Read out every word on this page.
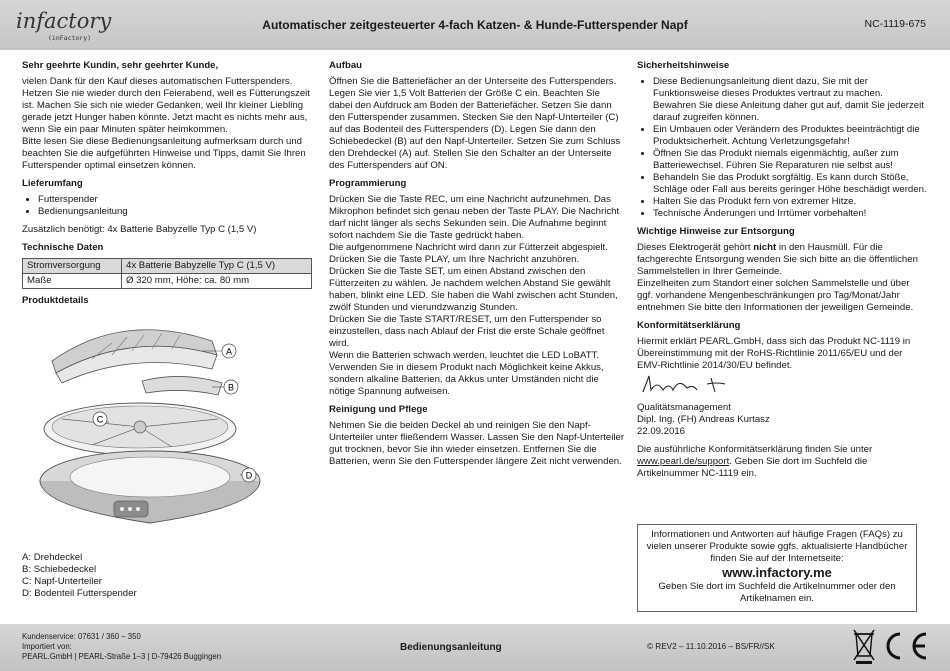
infactory
(inFactory)
Automatischer zeitgesteuerter 4-fach Katzen- & Hunde-Futterspender Napf	NC-1119-675
Sehr geehrte Kundin, sehr geehrter Kunde,

vielen Dank für den Kauf dieses automatischen Futterspenders. Hetzen Sie nie wieder durch den Feierabend, weil es Fütterungszeit ist. Machen Sie sich nie wieder Gedanken, weil Ihr kleiner Liebling gerade jetzt Hunger haben könnte. Jetzt macht es nichts mehr aus, wenn Sie ein paar Minuten später heimkommen.

Bitte lesen Sie diese Bedienungsanleitung aufmerksam durch und beachten Sie die aufgeführten Hinweise und Tipps, damit Sie Ihren Futterspender optimal einsetzen können.

Lieferumfang
• Futterspender
• Bedienungsanleitung

Zusätzlich benötigt: 4x Batterie Babyzelle Typ C (1,5 V)

Technische Daten
Stromversorgung	4x Batterie Babyzelle Typ C (1,5 V)
Maße	Ø 320 mm, Höhe: ca. 80 mm
Produktdetails
A
B
C
D
A: Drehdeckel
B: Schiebedeckel
C: Napf-Unterteiler
D: Bodenteil Futterspender
Aufbau

Öffnen Sie die Batteriefächer an der Unterseite des Futterspenders. Legen Sie vier 1,5 Volt Batterien der Größe C ein. Beachten Sie dabei den Aufdruck am Boden der Batteriefächer. Setzen Sie dann den Futterspender zusammen. Stecken Sie den Napf-Unterteiler (C) auf das Bodenteil des Futterspenders (D). Legen Sie dann den Schiebedeckel (B) auf den Napf-Unterteiler. Setzen Sie zum Schluss den Drehdeckel (A) auf. Stellen Sie den Schalter an der Unterseite des Futterspenders auf ON.

Programmierung

Drücken Sie die Taste REC, um eine Nachricht aufzunehmen. Das Mikrophon befindet sich genau neben der Taste PLAY. Die Nachricht darf nicht länger als sechs Sekunden sein. Die Aufnahme beginnt sofort nachdem Sie die Taste gedrückt haben.

Die aufgenommene Nachricht wird dann zur Fütterzeit abgespielt. Drücken Sie die Taste PLAY, um Ihre Nachricht anzuhören.

Drücken Sie die Taste SET, um einen Abstand zwischen den Fütterzeiten zu wählen. Je nachdem welchen Abstand Sie gewählt haben, blinkt eine LED. Sie haben die Wahl zwischen acht Stunden, zwölf Stunden und vierundzwanzig Stunden.

Drücken Sie die Taste START/RESET, um den Futterspender so einzustellen, dass nach Ablauf der Frist die erste Schale geöffnet wird.

Wenn die Batterien schwach werden, leuchtet die LED LoBATT. Verwenden Sie in diesem Produkt nach Möglichkeit keine Akkus, sondern alkaline Batterien, da Akkus unter Umständen nicht die nötige Spannung aufweisen.

Reinigung und Pflege

Nehmen Sie die beiden Deckel ab und reinigen Sie den Napf-Unterteiler unter fließendem Wasser. Lassen Sie den Napf-Unterteiler gut trocknen, bevor Sie ihn wieder einsetzen. Entfernen Sie die Batterien, wenn Sie den Futterspender längere Zeit nicht verwenden.

Sicherheitshinweise
• Diese Bedienungsanleitung dient dazu, Sie mit der Funktionsweise dieses Produktes vertraut zu machen. Bewahren Sie diese Anleitung daher gut auf, damit Sie jederzeit darauf zugreifen können.
• Ein Umbauen oder Verändern des Produktes beeinträchtigt die Produktsicherheit. Achtung Verletzungsgefahr!
• Öffnen Sie das Produkt niemals eigenmächtig, außer zum Batteriewechsel. Führen Sie Reparaturen nie selbst aus!
• Behandeln Sie das Produkt sorgfältig. Es kann durch Stöße, Schläge oder Fall aus bereits geringer Höhe beschädigt werden.
• Halten Sie das Produkt fern von extremer Hitze.
• Technische Änderungen und Irrtümer vorbehalten!
Wichtige Hinweise zur Entsorgung

Dieses Elektrogerät gehört nicht in den Hausmüll. Für die fachgerechte Entsorgung wenden Sie sich bitte an die öffentlichen Sammelstellen in Ihrer Gemeinde.

Einzelheiten zum Standort einer solchen Sammelstelle und über ggf. vorhandene Mengenbeschränkungen pro Tag/Monat/Jahr entnehmen Sie bitte den Informationen der jeweiligen Gemeinde.

Konformitätserklärung

Hiermit erklärt PEARL.GmbH, dass sich das Produkt NC-1119 in Übereinstimmung mit der RoHS-Richtlinie 2011/65/EU und der EMV-Richtlinie 2014/30/EU befindet.

Qualitätsmanagement
Dipl. Ing. (FH) Andreas Kurtasz
22.09.2016

Die ausführliche Konformitätserklärung finden Sie unter www.pearl.de/support. Geben Sie dort im Suchfeld die Artikelnummer NC-1119 ein.

Informationen und Antworten auf häufige Fragen (FAQs) zu vielen unserer Produkte sowie ggfs. aktualisierte Handbücher finden Sie auf der Internetseite:
www.infactory.me
Geben Sie dort im Suchfeld die Artikelnummer oder den Artikelnamen ein.
Kundenservice: 07631 / 360 – 350
Importiert von:
PEARL.GmbH | PEARL-Straße 1–3 | D-79426 Buggingen
Bedienungsanleitung	© REV2 – 11.10.2016 – BS/FR//SK
